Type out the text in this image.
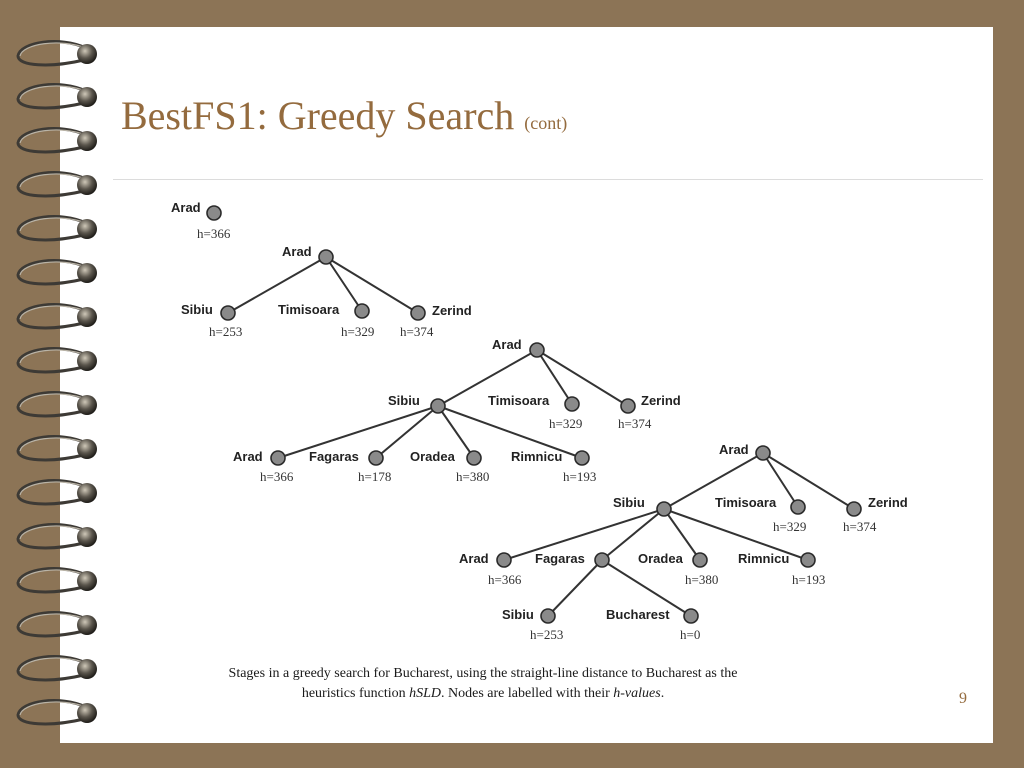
BestFS1: Greedy Search (cont)
Arad
h=366
Arad
Sibiu
h=253
Timisoara
h=329
Zerind
h=374
Arad
Sibiu	Timisoara
h=329
Zerind
h=374
Arad
h=366
Fagaras
h=178
Oradea
h=380
Rimnicu
h=193
Arad
Sibiu	Timisoara
h=329
Zerind
h=374
Arad
h=366
Fagaras	Oradea
h=380
Rimnicu
h=193
Sibiu
h=253
Bucharest
h=0
Stages in a greedy search for Bucharest, using the straight-line distance to Bucharest as the
heuristics function hSLD. Nodes are labelled with their h-values.	9
